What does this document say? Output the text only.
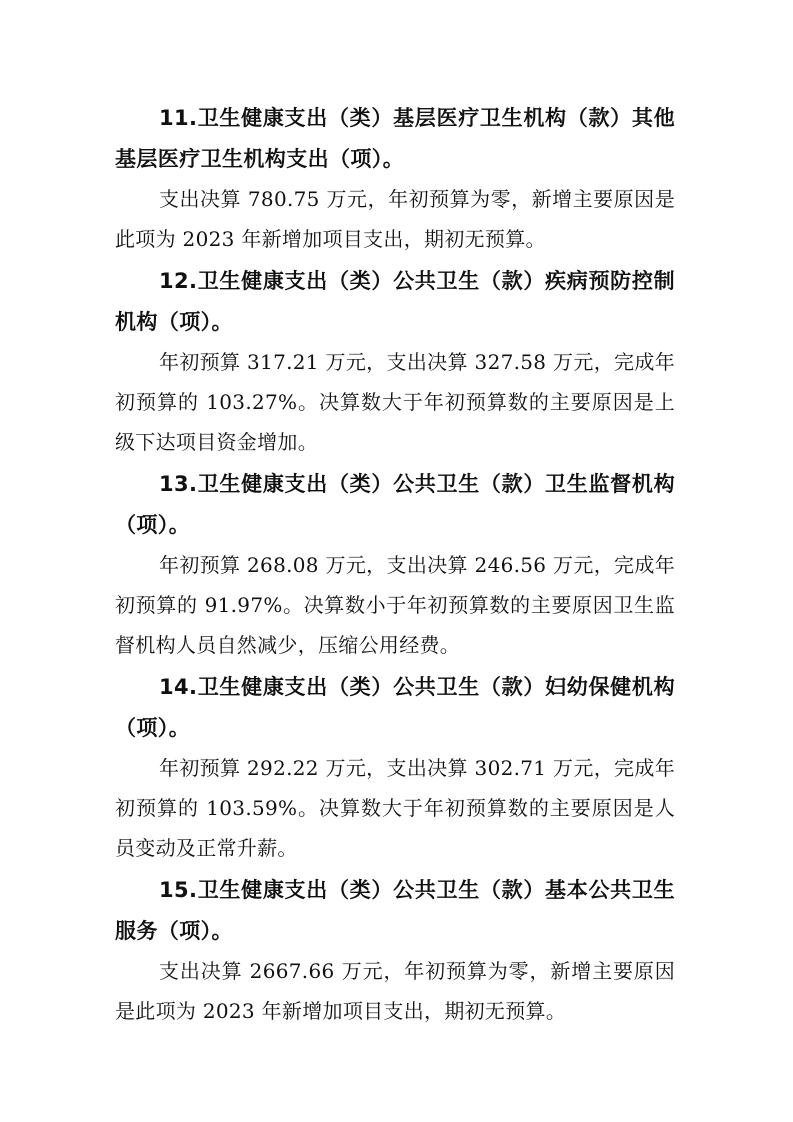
11.卫生健康支出（类）基层医疗卫生机构（款）其他基层医疗卫生机构支出（项）。

支出决算 780.75 万元，年初预算为零，新增主要原因是此项为 2023 年新增加项目支出，期初无预算。

12.卫生健康支出（类）公共卫生（款）疾病预防控制机构（项）。

年初预算 317.21 万元，支出决算 327.58 万元，完成年初预算的 103.27%。决算数大于年初预算数的主要原因是上级下达项目资金增加。

13.卫生健康支出（类）公共卫生（款）卫生监督机构（项）。

年初预算 268.08 万元，支出决算 246.56 万元，完成年初预算的 91.97%。决算数小于年初预算数的主要原因卫生监督机构人员自然减少，压缩公用经费。

14.卫生健康支出（类）公共卫生（款）妇幼保健机构（项）。

年初预算 292.22 万元，支出决算 302.71 万元，完成年初预算的 103.59%。决算数大于年初预算数的主要原因是人员变动及正常升薪。

15.卫生健康支出（类）公共卫生（款）基本公共卫生服务（项）。

支出决算 2667.66 万元，年初预算为零，新增主要原因是此项为 2023 年新增加项目支出，期初无预算。
